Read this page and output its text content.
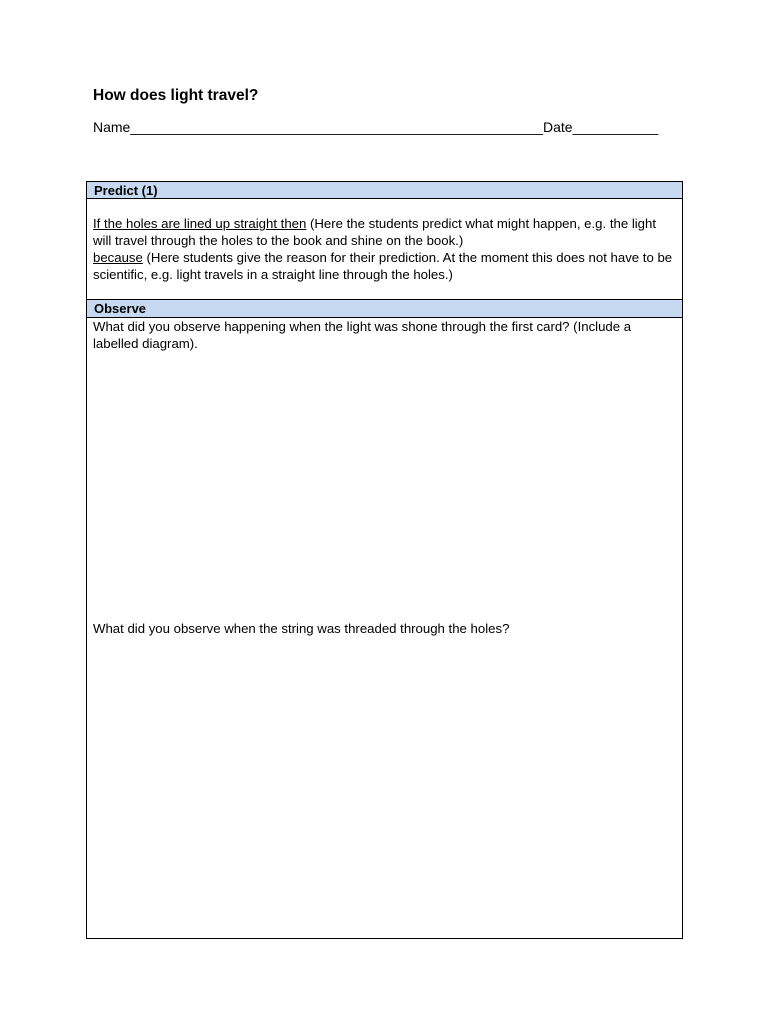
How does light travel?
Name_____________________________________________________Date___________
Predict (1)
If the holes are lined up straight then (Here the students predict what might happen, e.g. the light will travel through the holes to the book and shine on the book.)
because (Here students give the reason for their prediction. At the moment this does not have to be scientific, e.g. light travels in a straight line through the holes.)
Observe
What did you observe happening when the light was shone through the first card? (Include a labelled diagram).
What did you observe when the string was threaded through the holes?
